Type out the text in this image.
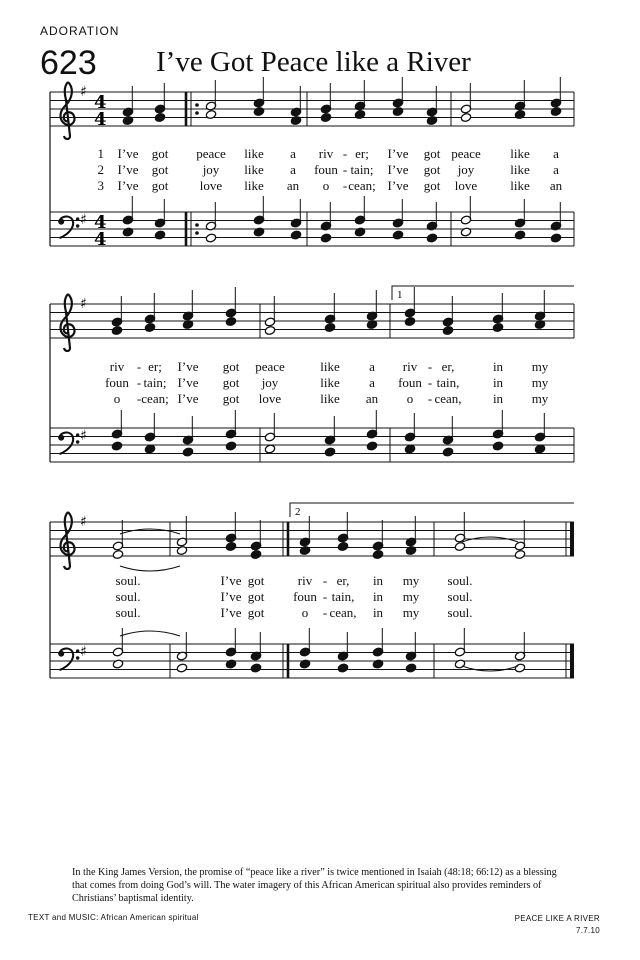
ADORATION
623 I’ve Got Peace like a River
♯
♯
4
4
4
4
♯
♯
♯
♯
1
2
1 I’ve got peace like a riv - er; I’ve got peace like a
2 I’ve got	joy like a foun - tain; I’ve got joy	like a
3 I’ve got love like an o - cean; I’ve got love	like an
riv - er; I’ve got peace	like a riv - er,	in my
foun - tain; I’ve got joy	like a foun - tain,	in my
o - cean; I’ve got love	like an o - cean, in my
soul.	I’ve got	riv - er, in my soul.
soul.	I’ve got foun - tain, in my soul.
soul.	I’ve got	o - cean, in my soul.
In the King James Version, the promise of “peace like a river” is twice mentioned in Isaiah (48:18; 66:12) as a blessing that comes from doing God’s will. The water imagery of this African American spiritual also provides reminders of Christians’ baptismal identity.
TEXT and MUSIC: African American spiritual	PEACE LIKE A RIVER
7.7.10
